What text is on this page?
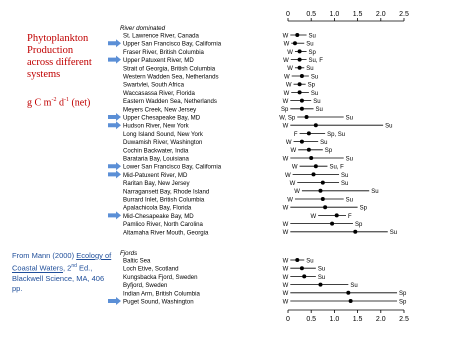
Phytoplankton
Production
across different
systems
g C $m^{-2}$ $d^{-1}$ (net)
From Mann (2000) Ecology of Coastal Waters, 2nd Ed., Blackwell Science, MA, 406 pp.
0 0.5 1.0 1.5 2.0 2.5
River dominated
St. Lawrence River, Canada	W	Su
Upper San Francisco Bay, California	W	Su
Fraser River, British Columbia	W	Sp
Upper Patuxent River, MD	W	Su, F
Strait of Georgia, British Columbia	W Su
Western Wadden Sea, Netherlands	W	Su
Swartvlei, South Africa	W	Sp
Waccasassa River, Florida	W	Su
Eastern Wadden Sea, Netherlands	W	Su
Meyers Creek, New Jersey	Sp	Su
Upper Chesapeake Bay, MD	W, Sp	Su
Hudson River, New York	W	Su
Long Island Sound, New York	F	Sp, Su
Duwamish River, Washington	W	Su
Cochin Backwater, India	W	Sp
Barataria Bay, Louisiana	W	Su
Lower San Francisco Bay, California	W	Su, F
Mid-Patuxent River, MD	W	Su
Raritan Bay, New Jersey	W	Su
Narragansett Bay, Rhode Island	W	Su
Burrard Inlet, British Columbia	W	Su
Apalachicola Bay, Florida	W	Sp
Mid-Chesapeake Bay, MD	W	F
Pamlico River, North Carolina	W	Sp
Altamaha River Mouth, Georgia	W	Su
Fjords
Baltic Sea	W	Su
Loch Etive, Scotland	W	Su
Kungsbacka Fjord, Sweden	W	Su
Byfjord, Sweden	W	Su
Indian Arm, British Columbia	W	Sp
Puget Sound, Washington	W	Sp
0 0.5 1.0 1.5 2.0 2.5
